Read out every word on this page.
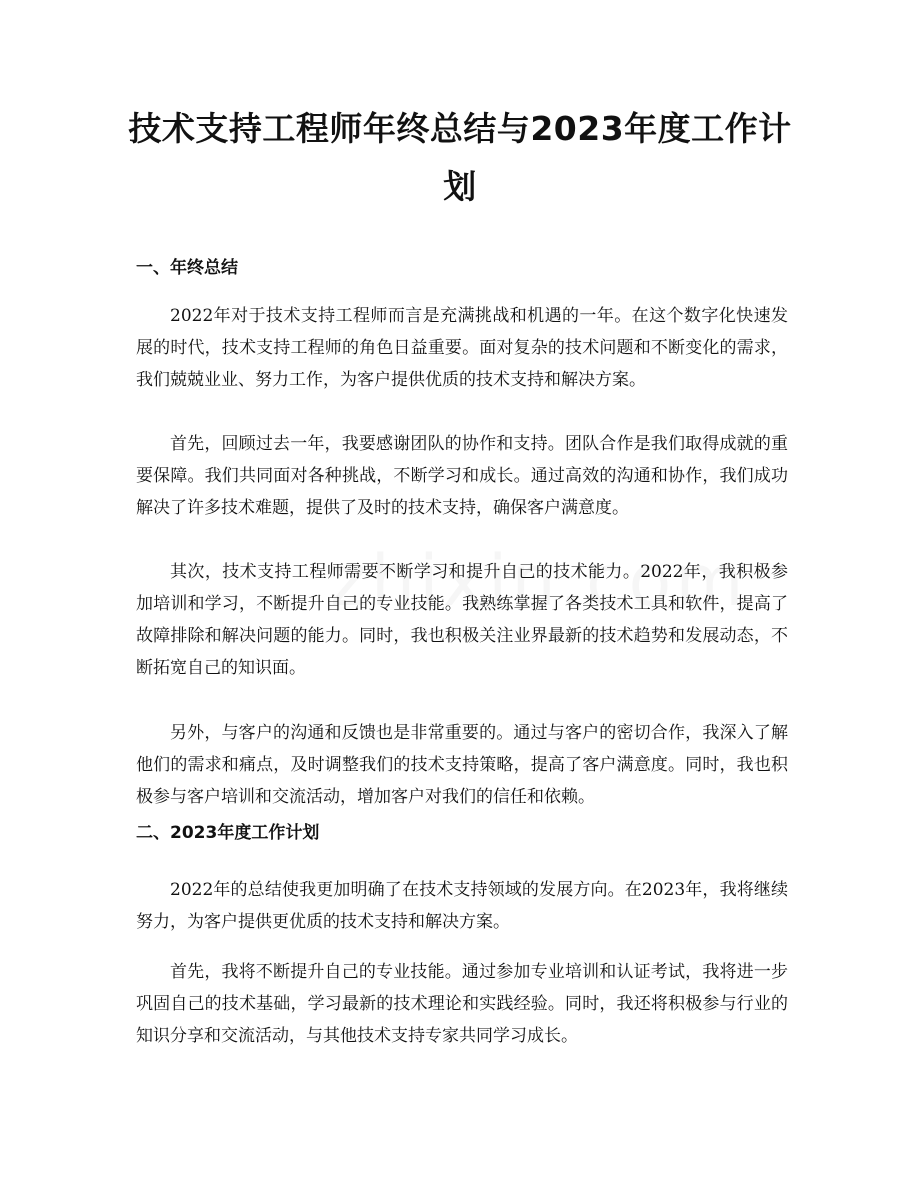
技术支持工程师年终总结与2023年度工作计划
一、年终总结

2022年对于技术支持工程师而言是充满挑战和机遇的一年。在这个数字化快速发展的时代，技术支持工程师的角色日益重要。面对复杂的技术问题和不断变化的需求，我们兢兢业业、努力工作，为客户提供优质的技术支持和解决方案。

首先，回顾过去一年，我要感谢团队的协作和支持。团队合作是我们取得成就的重要保障。我们共同面对各种挑战，不断学习和成长。通过高效的沟通和协作，我们成功解决了许多技术难题，提供了及时的技术支持，确保客户满意度。

其次，技术支持工程师需要不断学习和提升自己的技术能力。2022年，我积极参加培训和学习，不断提升自己的专业技能。我熟练掌握了各类技术工具和软件，提高了故障排除和解决问题的能力。同时，我也积极关注业界最新的技术趋势和发展动态，不断拓宽自己的知识面。

另外，与客户的沟通和反馈也是非常重要的。通过与客户的密切合作，我深入了解他们的需求和痛点，及时调整我们的技术支持策略，提高了客户满意度。同时，我也积极参与客户培训和交流活动，增加客户对我们的信任和依赖。

二、2023年度工作计划

2022年的总结使我更加明确了在技术支持领域的发展方向。在2023年，我将继续努力，为客户提供更优质的技术支持和解决方案。

首先，我将不断提升自己的专业技能。通过参加专业培训和认证考试，我将进一步巩固自己的技术基础，学习最新的技术理论和实践经验。同时，我还将积极参与行业的知识分享和交流活动，与其他技术支持专家共同学习成长。
